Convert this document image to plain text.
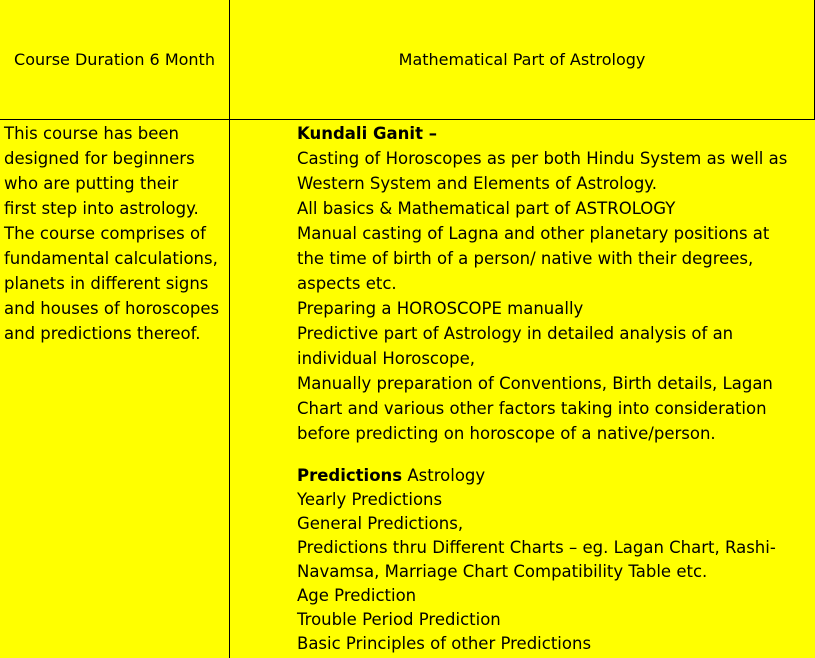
Course Duration 6 Month	Mathematical Part of Astrology
This course has been
designed for beginners
who are putting their
first step into astrology.
The course comprises of
fundamental calculations,
planets in different signs
and houses of horoscopes
and predictions thereof.
Kundali Ganit –
Casting of Horoscopes as per both Hindu System as well as
Western System and Elements of Astrology.
All basics & Mathematical part of ASTROLOGY
Manual casting of Lagna and other planetary positions at
the time of birth of a person/ native with their degrees,
aspects etc.
Preparing a HOROSCOPE manually
Predictive part of Astrology in detailed analysis of an
individual Horoscope,
Manually preparation of Conventions, Birth details, Lagan
Chart and various other factors taking into consideration
before predicting on horoscope of a native/person.
Predictions Astrology
Yearly Predictions
General Predictions,
Predictions thru Different Charts – eg. Lagan Chart, Rashi-
Navamsa, Marriage Chart Compatibility Table etc.
Age Prediction
Trouble Period Prediction
Basic Principles of other Predictions
